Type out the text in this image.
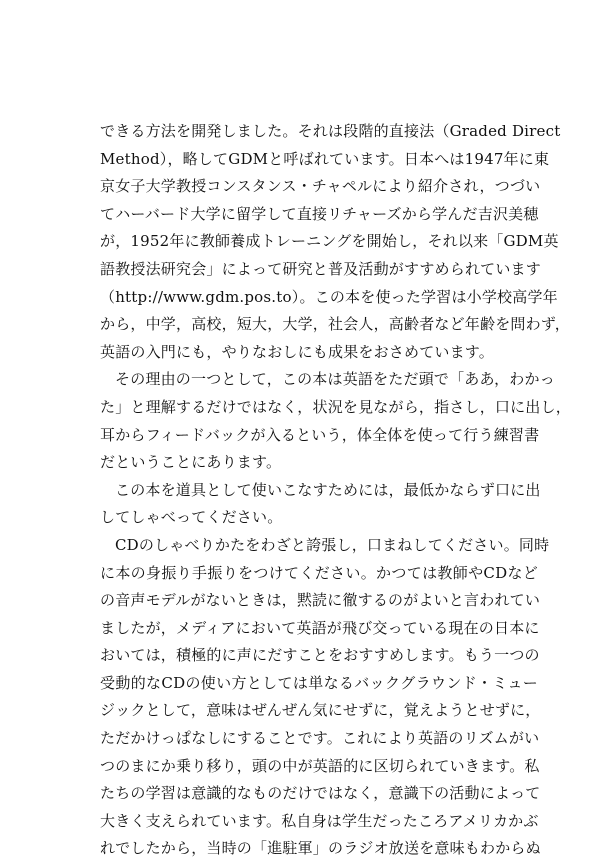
できる方法を開発しました。それは段階的直接法（Graded Direct
Method），略してGDMと呼ばれています。日本へは1947年に東
京女子大学教授コンスタンス・チャペルにより紹介され，つづい
てハーバード大学に留学して直接リチャーズから学んだ吉沢美穂
が，1952年に教師養成トレーニングを開始し，それ以来「GDM英
語教授法研究会」によって研究と普及活動がすすめられています
（http://www.gdm.pos.to）。この本を使った学習は小学校高学年
から，中学，高校，短大，大学，社会人，高齢者など年齢を問わず，
英語の入門にも，やりなおしにも成果をおさめています。
その理由の一つとして，この本は英語をただ頭で「ああ，わかっ
た」と理解するだけではなく，状況を見ながら，指さし，口に出し，
耳からフィードバックが入るという，体全体を使って行う練習書
だということにあります。
この本を道具として使いこなすためには，最低かならず口に出
してしゃべってください。
CDのしゃべりかたをわざと誇張し，口まねしてください。同時
に本の身振り手振りをつけてください。かつては教師やCDなど
の音声モデルがないときは，黙読に徹するのがよいと言われてい
ましたが，メディアにおいて英語が飛び交っている現在の日本に
おいては，積極的に声にだすことをおすすめします。もう一つの
受動的なCDの使い方としては単なるバックグラウンド・ミュー
ジックとして，意味はぜんぜん気にせずに，覚えようとせずに，
ただかけっぱなしにすることです。これにより英語のリズムがい
つのまにか乗り移り，頭の中が英語的に区切られていきます。私
たちの学習は意識的なものだけではなく，意識下の活動によって
大きく支えられています。私自身は学生だったころアメリカかぶ
れでしたから，当時の「進駐軍」のラジオ放送を意味もわからぬ
